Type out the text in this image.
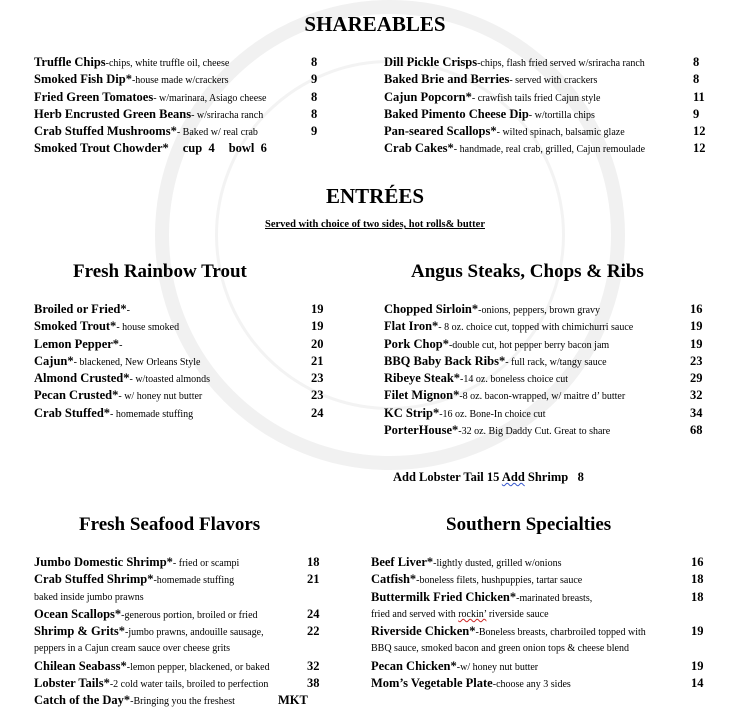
SHAREABLES
Truffle Chips-chips, white truffle oil, cheese	8
Smoked Fish Dip*-house made w/crackers	9
Fried Green Tomatoes- w/marinara, Asiago cheese	8
Herb Encrusted Green Beans- w/sriracha ranch	8
Crab Stuffed Mushrooms*- Baked w/ real crab	9
Smoked Trout Chowder* cup  4 bowl  6
Dill Pickle Crisps-chips, flash fried served w/sriracha ranch	8
Baked Brie and Berries- served with crackers	8
Cajun Popcorn*- crawfish tails fried Cajun style	11
Baked Pimento Cheese Dip- w/tortilla chips	9
Pan-seared Scallops*- wilted spinach, balsamic glaze	12
Crab Cakes*- handmade, real crab, grilled, Cajun remoulade	12
ENTRÉES
Served with choice of two sides, hot rolls& butter
Fresh Rainbow Trout	Angus Steaks, Chops & Ribs
Broiled or Fried*-	19
Smoked Trout*- house smoked	19
Lemon Pepper*-	20
Cajun*- blackened, New Orleans Style	21
Almond Crusted*- w/toasted almonds	23
Pecan Crusted*- w/ honey nut butter	23
Crab Stuffed*- homemade stuffing	24
Chopped Sirloin*-onions, peppers, brown gravy	16
Flat Iron*- 8 oz. choice cut, topped with chimichurri sauce	19
Pork Chop*-double cut, hot pepper berry bacon jam	19
BBQ Baby Back Ribs*- full rack, w/tangy sauce	23
Ribeye Steak*-14 oz. boneless choice cut	29
Filet Mignon*-8 oz. bacon-wrapped, w/ maitre d’ butter	32
KC Strip*-16 oz. Bone-In choice cut	34
PorterHouse*-32 oz. Big Daddy Cut. Great to share	68
Add Lobster Tail 15 Add Shrimp   8
Fresh Seafood Flavors	Southern Specialties
Jumbo Domestic Shrimp*- fried or scampi	18
Crab Stuffed Shrimp*-homemade stuffing	21
baked inside jumbo prawns
Ocean Scallops*-generous portion, broiled or fried	24
Shrimp & Grits*-jumbo prawns, andouille sausage,	22
peppers in a Cajun cream sauce over cheese grits
Chilean Seabass*-lemon pepper, blackened, or baked	32
Lobster Tails*-2 cold water tails, broiled to perfection	38
Catch of the Day*-Bringing you the freshest	MKT
Beef Liver*-lightly dusted, grilled w/onions	16
Catfish*-boneless filets, hushpuppies, tartar sauce	18
Buttermilk Fried Chicken*-marinated breasts,	18
fried and served with rockin’ riverside sauce
Riverside Chicken*-Boneless breasts, charbroiled topped with	19
BBQ sauce, smoked bacon and green onion tops & cheese blend
Pecan Chicken*-w/ honey nut butter	19
Mom’s Vegetable Plate-choose any 3 sides	14
